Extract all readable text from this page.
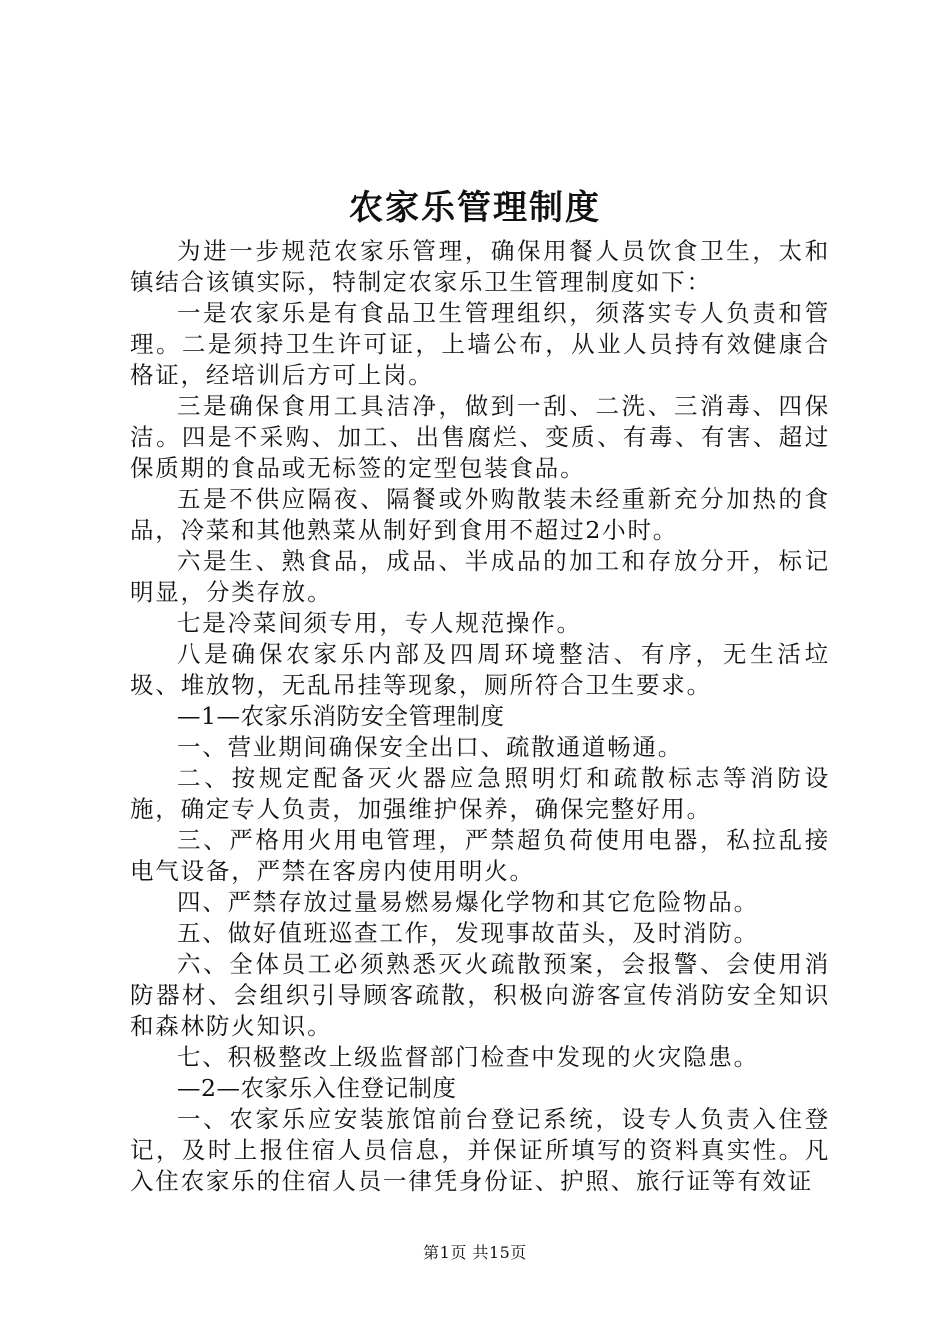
农家乐管理制度

为进一步规范农家乐管理，确保用餐人员饮食卫生，太和镇结合该镇实际，特制定农家乐卫生管理制度如下：

一是农家乐是有食品卫生管理组织，须落实专人负责和管理。二是须持卫生许可证，上墙公布，从业人员持有效健康合格证，经培训后方可上岗。

三是确保食用工具洁净，做到一刮、二洗、三消毒、四保洁。四是不采购、加工、出售腐烂、变质、有毒、有害、超过保质期的食品或无标签的定型包装食品。

五是不供应隔夜、隔餐或外购散装未经重新充分加热的食品，冷菜和其他熟菜从制好到食用不超过2小时。

六是生、熟食品，成品、半成品的加工和存放分开，标记明显，分类存放。

七是冷菜间须专用，专人规范操作。

八是确保农家乐内部及四周环境整洁、有序，无生活垃圾、堆放物，无乱吊挂等现象，厕所符合卫生要求。

—1—农家乐消防安全管理制度

一、营业期间确保安全出口、疏散通道畅通。

二、按规定配备灭火器应急照明灯和疏散标志等消防设施，确定专人负责，加强维护保养，确保完整好用。

三、严格用火用电管理，严禁超负荷使用电器，私拉乱接电气设备，严禁在客房内使用明火。

四、严禁存放过量易燃易爆化学物和其它危险物品。

五、做好值班巡查工作，发现事故苗头，及时消防。

六、全体员工必须熟悉灭火疏散预案，会报警、会使用消防器材、会组织引导顾客疏散，积极向游客宣传消防安全知识和森林防火知识。

七、积极整改上级监督部门检查中发现的火灾隐患。

—2—农家乐入住登记制度

一、农家乐应安装旅馆前台登记系统，设专人负责入住登记，及时上报住宿人员信息，并保证所填写的资料真实性。凡入住农家乐的住宿人员一律凭身份证、护照、旅行证等有效证

第1页 共15页
